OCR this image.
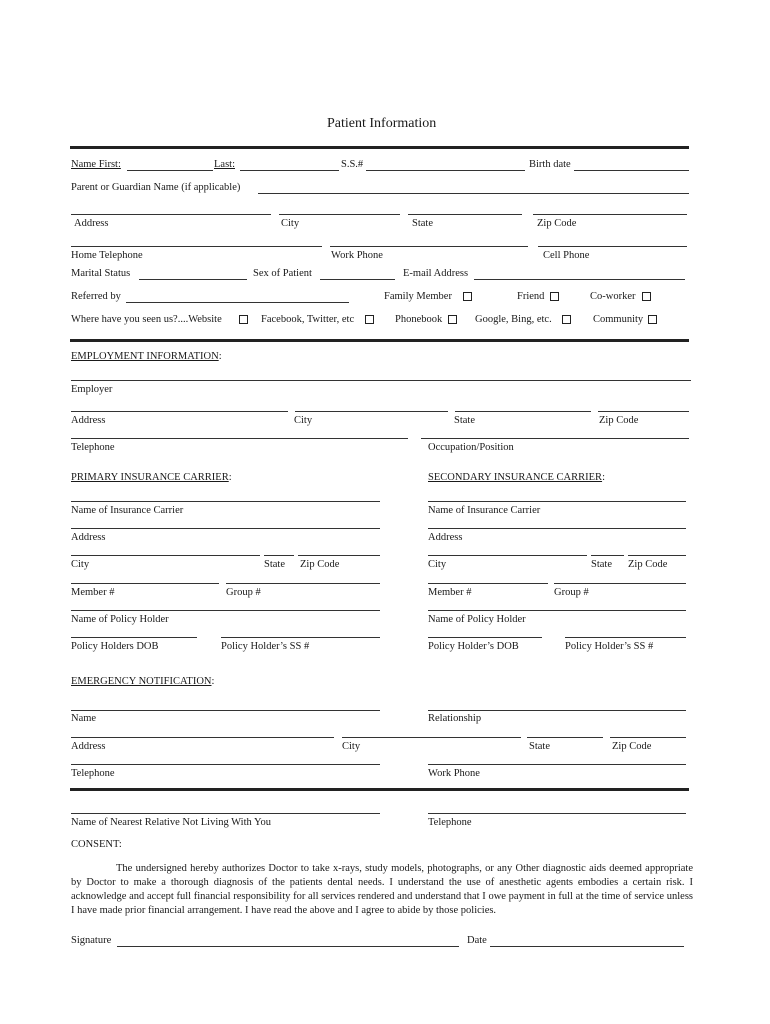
Patient Information
Name First:	Last:	S.S.#	Birth date
Parent or Guardian Name (if applicable)
Address	City	State	Zip Code
Home Telephone	Work Phone	Cell Phone
Marital Status	Sex of Patient	E-mail Address
Referred by	Family Member	Friend	Co-worker
Where have you seen us?....Website	Facebook, Twitter, etc	Phonebook	Google, Bing, etc.	Community
EMPLOYMENT INFORMATION:
Employer
Address	City	State	Zip Code
Telephone	Occupation/Position
PRIMARY INSURANCE CARRIER:	SECONDARY INSURANCE CARRIER:
Name of Insurance Carrier
Address
City	State Zip Code
Member #	Group #
Name of Policy Holder
Policy Holders DOB	Policy Holder’s SS #
Name of Insurance Carrier
Address
City	State Zip Code
Member #	Group #
Name of Policy Holder
Policy Holder’s DOB	Policy Holder’s SS #
EMERGENCY NOTIFICATION:
Name	Relationship
Address	City	State	Zip Code
Telephone	Work Phone
Name of Nearest Relative Not Living With You	Telephone
CONSENT:
The undersigned hereby authorizes Doctor to take x-rays, study models, photographs, or any Other diagnostic aids deemed appropriate by Doctor to make a thorough diagnosis of the patients dental needs. I understand the use of anesthetic agents embodies a certain risk. I acknowledge and accept full financial responsibility for all services rendered and understand that I owe payment in full at the time of service unless I have made prior financial arrangement. I have read the above and I agree to abide by those policies.
Signature	Date
